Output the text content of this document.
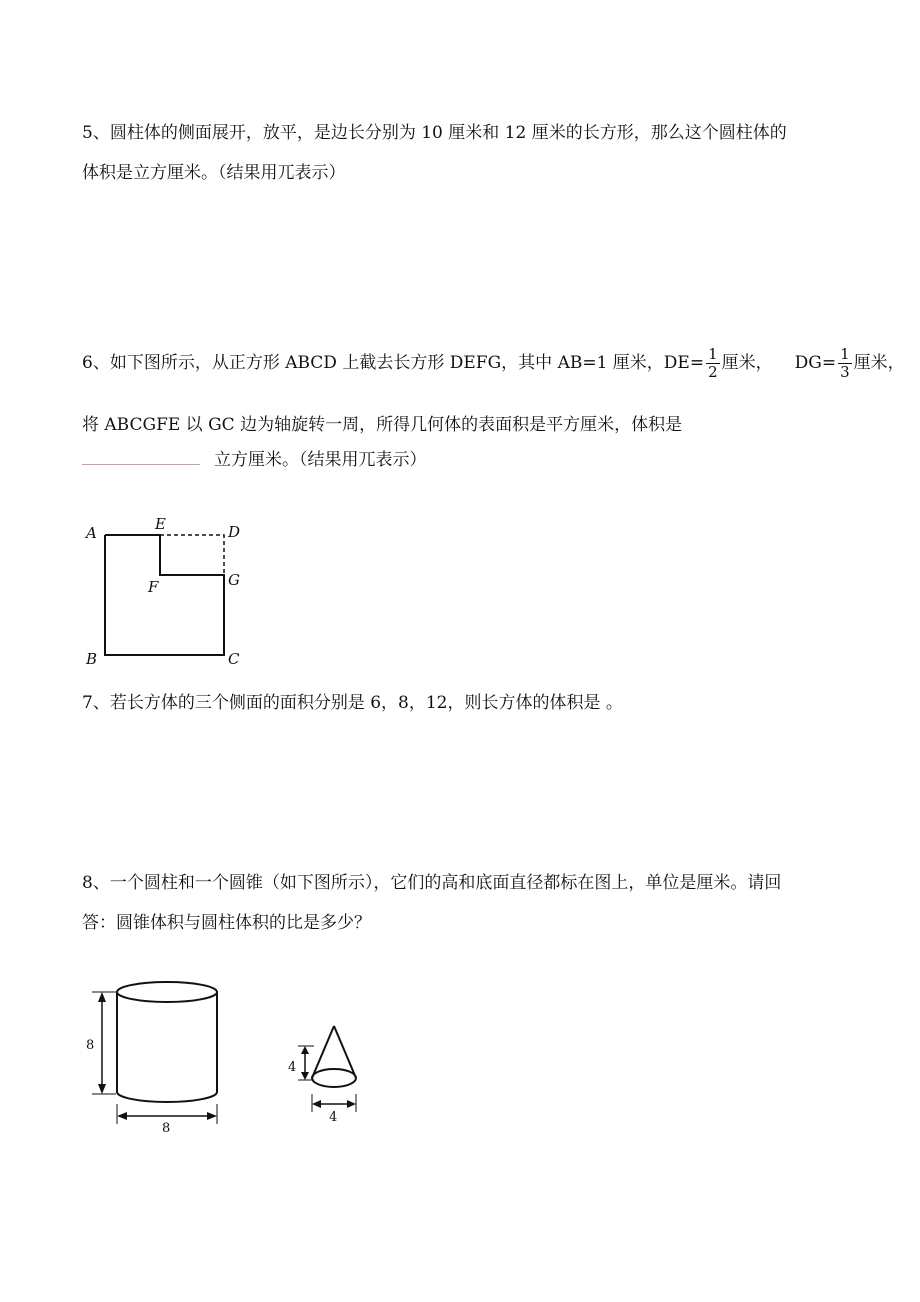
5、圆柱体的侧面展开，放平，是边长分别为 10 厘米和 12 厘米的长方形，那么这个圆柱体的
体积是立方厘米。（结果用兀表示）
6、如下图所示，从正方形 ABCD 上截去长方形 DEFG，其中 AB=1 厘米，$DE= \frac{1}{2}$ 厘米， $DG= \frac{1}{3}$ 厘米，
将 ABCGFE 以 GC 边为轴旋转一周，所得几何体的表面积是平方厘米，体积是
立方厘米。（结果用兀表示）
A	E	D
F	G
B	C
7、若长方体的三个侧面的面积分别是 6，8，12，则长方体的体积是 。
8、一个圆柱和一个圆锥（如下图所示），它们的高和底面直径都标在图上，单位是厘米。请回
答：圆锥体积与圆柱体积的比是多少？
8
8
4
4
